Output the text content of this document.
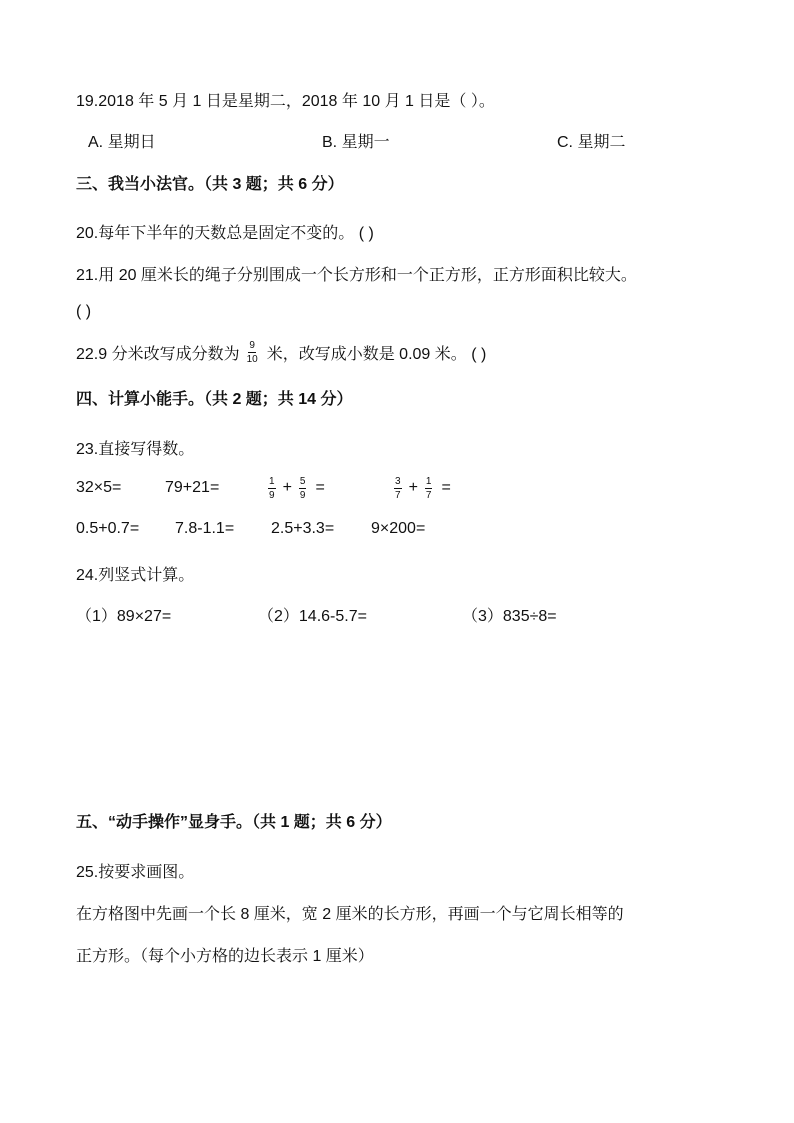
19.2018 年 5 月 1 日是星期二，2018 年 10 月 1 日是（ ）。
A. 星期日	B. 星期一	C. 星期二
三、我当小法官。（共 3 题；共 6 分）
20.每年下半年的天数总是固定不变的。 ( )
21.用 20 厘米长的绳子分别围成一个长方形和一个正方形，正方形面积比较大。
( )
22.9 分米改写成分数为 $\frac{9}{10}$ 米，改写成小数是 0.09 米。 ( )
四、计算小能手。（共 2 题；共 14 分）
23.直接写得数。
32×5=	79+21=	$\frac{1}{9} + \frac{5}{9}$ =	$\frac{3}{7} + \frac{1}{7}$ =
0.5+0.7= 7.8-1.1= 2.5+3.3= 9×200=
24.列竖式计算。
（1）89×27=	（2）14.6-5.7=	（3）835÷8=
五、“动手操作”显身手。（共 1 题；共 6 分）
25.按要求画图。
在方格图中先画一个长 8 厘米，宽 2 厘米的长方形，再画一个与它周长相等的
正方形。（每个小方格的边长表示 1 厘米）
